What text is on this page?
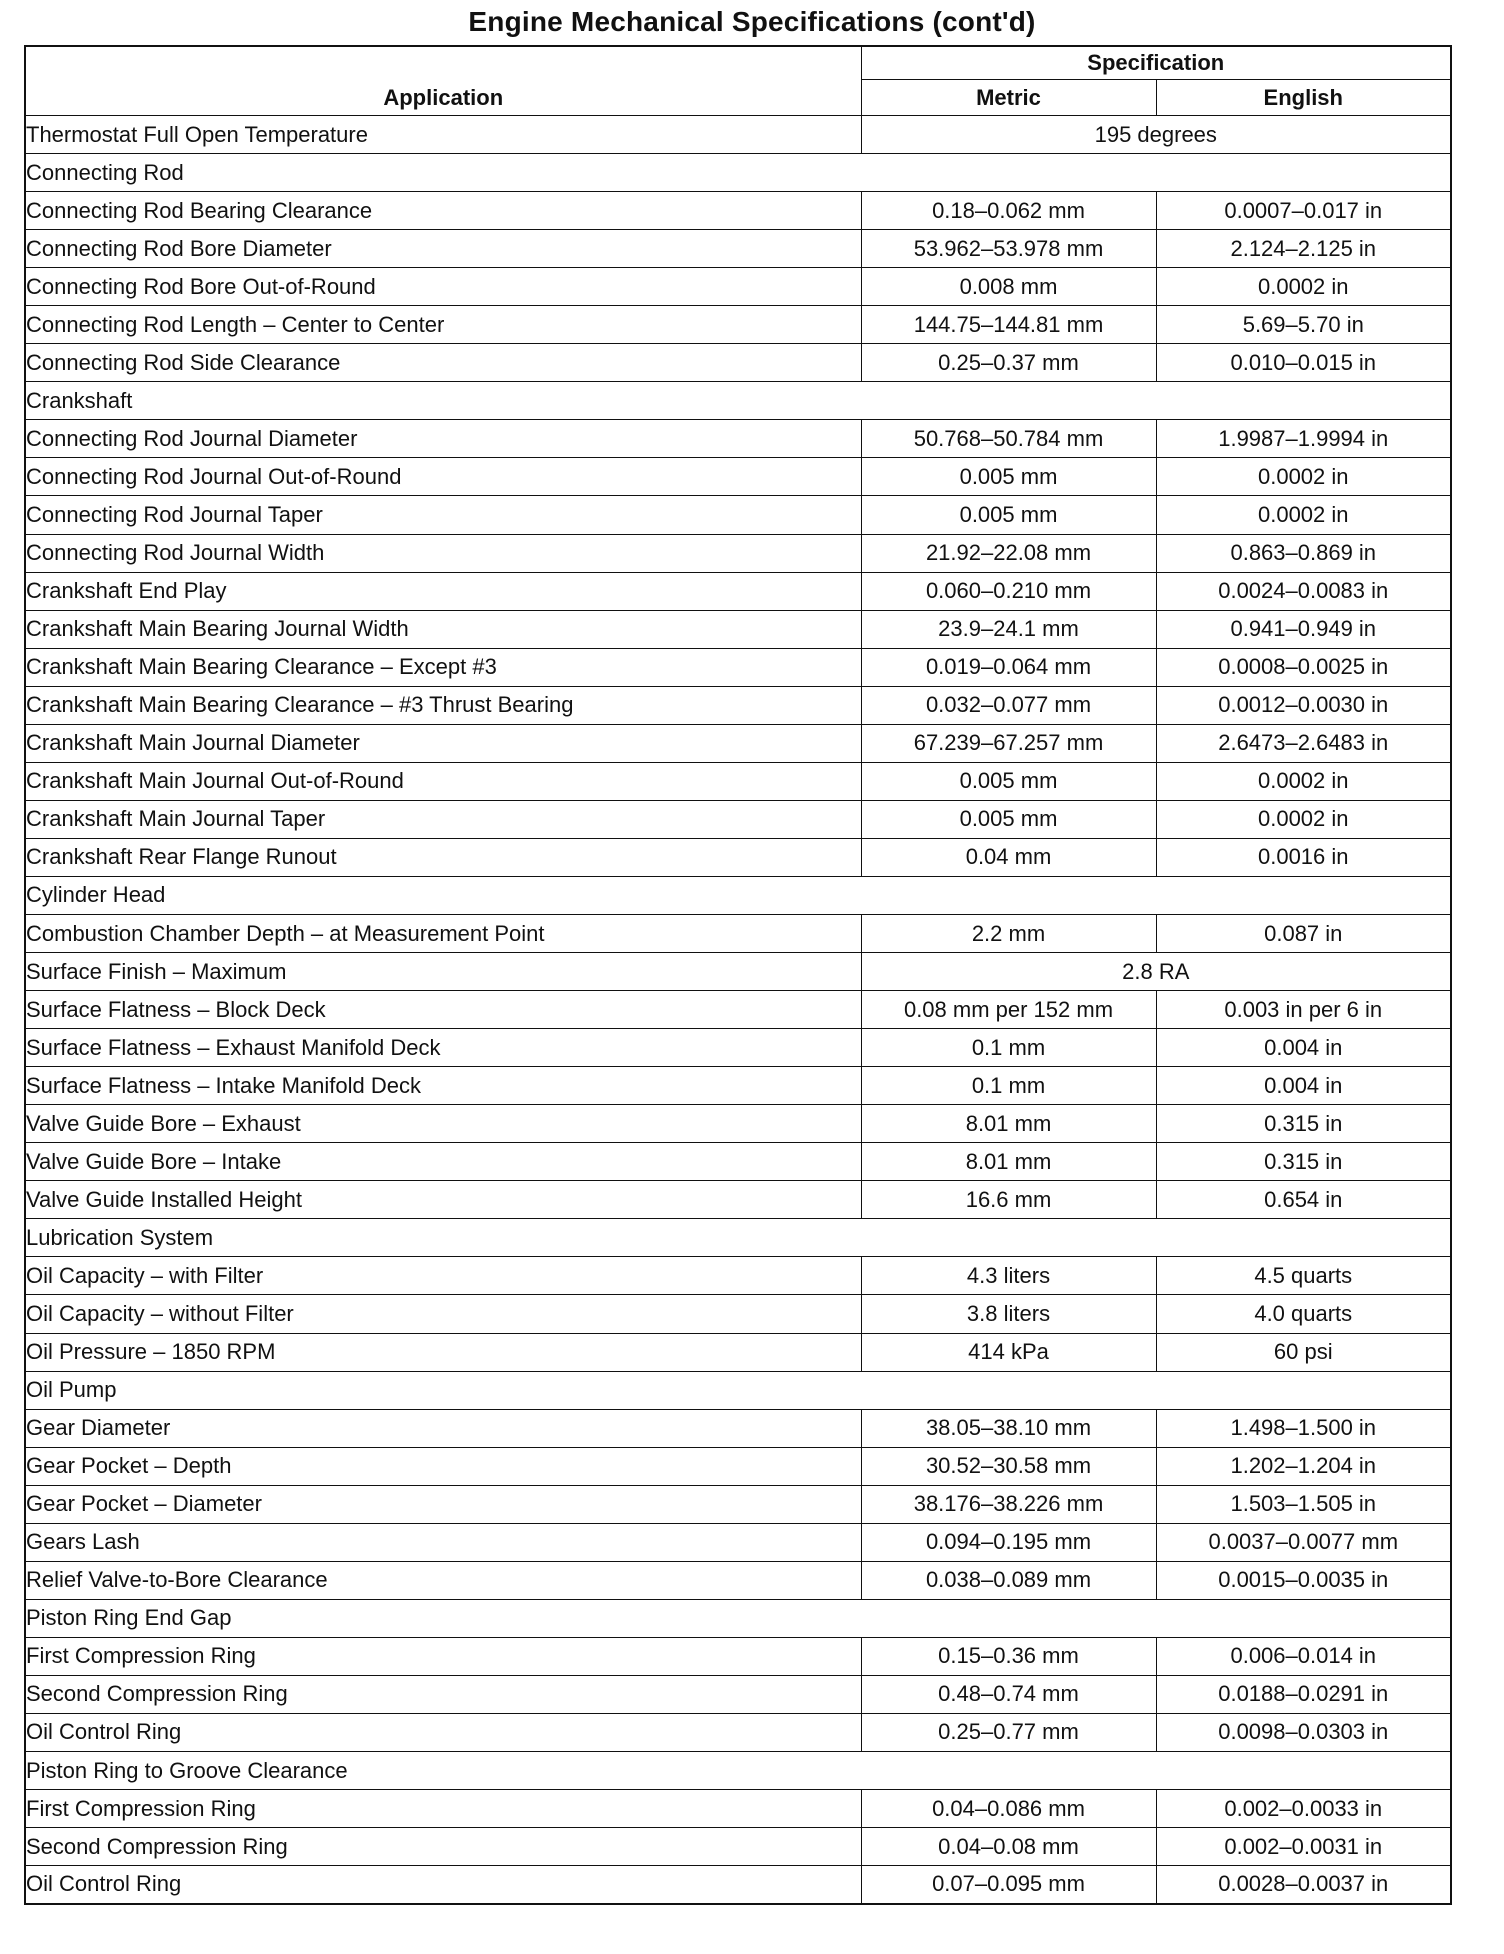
Engine Mechanical Specifications (cont'd)
Application	Specification	
	Metric	English
Thermostat Full Open Temperature	195 degrees	
Connecting Rod		
Connecting Rod Bearing Clearance	0.18–0.062 mm	0.0007–0.017 in
Connecting Rod Bore Diameter	53.962–53.978 mm	2.124–2.125 in
Connecting Rod Bore Out-of-Round	0.008 mm	0.0002 in
Connecting Rod Length – Center to Center	144.75–144.81 mm	5.69–5.70 in
Connecting Rod Side Clearance	0.25–0.37 mm	0.010–0.015 in
Crankshaft		
Connecting Rod Journal Diameter	50.768–50.784 mm	1.9987–1.9994 in
Connecting Rod Journal Out-of-Round	0.005 mm	0.0002 in
Connecting Rod Journal Taper	0.005 mm	0.0002 in
Connecting Rod Journal Width	21.92–22.08 mm	0.863–0.869 in
Crankshaft End Play	0.060–0.210 mm	0.0024–0.0083 in
Crankshaft Main Bearing Journal Width	23.9–24.1 mm	0.941–0.949 in
Crankshaft Main Bearing Clearance – Except #3	0.019–0.064 mm	0.0008–0.0025 in
Crankshaft Main Bearing Clearance – #3 Thrust Bearing	0.032–0.077 mm	0.0012–0.0030 in
Crankshaft Main Journal Diameter	67.239–67.257 mm	2.6473–2.6483 in
Crankshaft Main Journal Out-of-Round	0.005 mm	0.0002 in
Crankshaft Main Journal Taper	0.005 mm	0.0002 in
Crankshaft Rear Flange Runout	0.04 mm	0.0016 in
Cylinder Head		
Combustion Chamber Depth – at Measurement Point	2.2 mm	0.087 in
Surface Finish – Maximum	2.8 RA	
Surface Flatness – Block Deck	0.08 mm per 152 mm	0.003 in per 6 in
Surface Flatness – Exhaust Manifold Deck	0.1 mm	0.004 in
Surface Flatness – Intake Manifold Deck	0.1 mm	0.004 in
Valve Guide Bore – Exhaust	8.01 mm	0.315 in
Valve Guide Bore – Intake	8.01 mm	0.315 in
Valve Guide Installed Height	16.6 mm	0.654 in
Lubrication System		
Oil Capacity – with Filter	4.3 liters	4.5 quarts
Oil Capacity – without Filter	3.8 liters	4.0 quarts
Oil Pressure – 1850 RPM	414 kPa	60 psi
Oil Pump		
Gear Diameter	38.05–38.10 mm	1.498–1.500 in
Gear Pocket – Depth	30.52–30.58 mm	1.202–1.204 in
Gear Pocket – Diameter	38.176–38.226 mm	1.503–1.505 in
Gears Lash	0.094–0.195 mm	0.0037–0.0077 mm
Relief Valve-to-Bore Clearance	0.038–0.089 mm	0.0015–0.0035 in
Piston Ring End Gap		
First Compression Ring	0.15–0.36 mm	0.006–0.014 in
Second Compression Ring	0.48–0.74 mm	0.0188–0.0291 in
Oil Control Ring	0.25–0.77 mm	0.0098–0.0303 in
Piston Ring to Groove Clearance		
First Compression Ring	0.04–0.086 mm	0.002–0.0033 in
Second Compression Ring	0.04–0.08 mm	0.002–0.0031 in
Oil Control Ring	0.07–0.095 mm	0.0028–0.0037 in
